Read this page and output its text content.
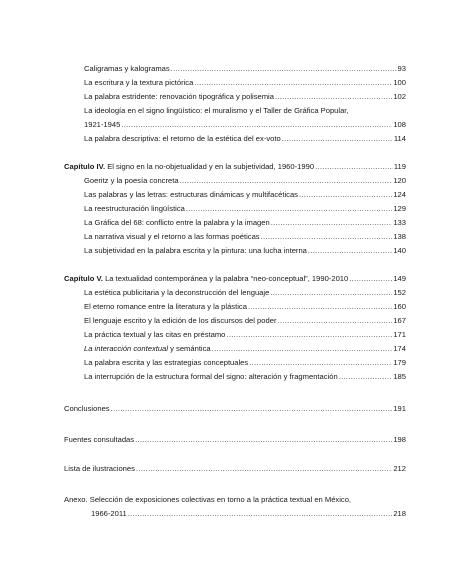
Caligramas y kalogramas .....	93
La escritura y la textura pictórica .....	100
La palabra estridente: renovación tipográfica y polisemia .....	102
La ideología en el signo lingüístico: el muralismo y el Taller de Gráfica Popular,
1921-1945 .....	108
La palabra descriptiva: el retorno de la estética del ex-voto .....	114
Capítulo IV. El signo en la no-objetualidad y en la subjetividad, 1960-1990 .....	119
Goeritz y la poesía concreta .....	120
Las palabras y las letras: estructuras dinámicas y multifacéticas .....	124
La reestructuración lingüística .....	129
La Gráfica del 68: conflicto entre la palabra y la imagen .....	133
La narrativa visual y el retorno a las formas poéticas .....	138
La subjetividad en la palabra escrita y la pintura: una lucha interna .....	140
Capítulo V. La textualidad contemporánea y la palabra “neo-conceptual”, 1990-2010 .....	149
La estética publicitaria y la deconstrucción del lenguaje .....	152
El eterno romance entre la literatura y la plástica .....	160
El lenguaje escrito y la edición de los discursos del poder .....	167
La práctica textual y las citas en préstamo .....	171
La interacción contextual y semántica .....	174
La palabra escrita y las estrategias conceptuales .....	179
La interrupción de la estructura formal del signo: alteración y fragmentación .....	185
Conclusiones .....	191
Fuentes consultadas .....	198
Lista de ilustraciones .....	212
Anexo. Selección de exposiciones colectivas en torno a la práctica textual en México,
1966-2011 .....	218
